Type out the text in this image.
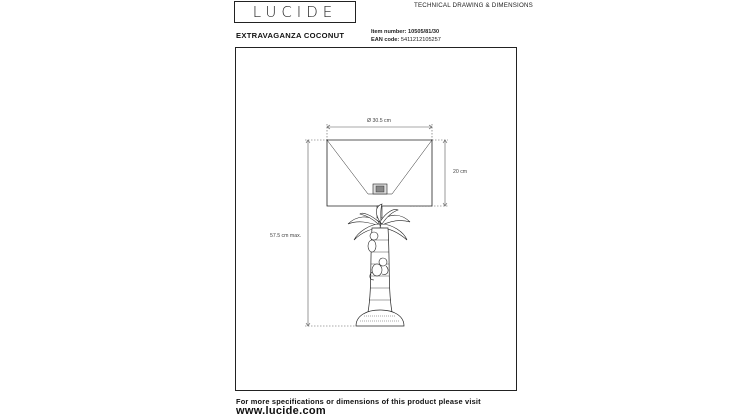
LUCIDE	TECHNICAL DRAWING & DIMENSIONS
EXTRAVAGANZA COCONUT	Item number: 10505/81/30
EAN code: 5411212105257
Ø 30.5 cm
20 cm
57.5 cm max.
For more specifications or dimensions of this product please visit
www.lucide.com
